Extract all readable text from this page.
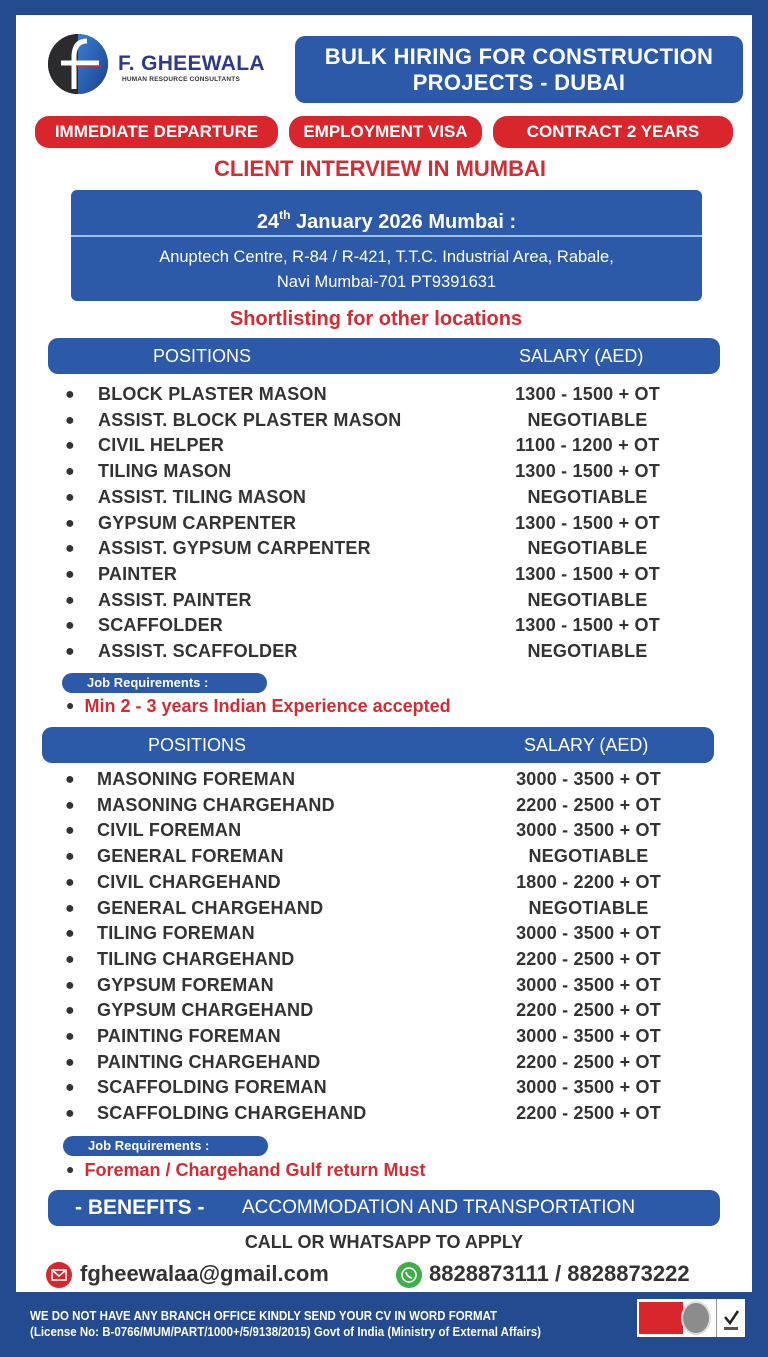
F. GHEEWALA
HUMAN RESOURCE CONSULTANTS
BULK HIRING FOR CONSTRUCTION
PROJECTS - DUBAI
IMMEDIATE DEPARTURE	EMPLOYMENT VISA	CONTRACT 2 YEARS
CLIENT INTERVIEW IN MUMBAI
24th January 2026 Mumbai :
Anuptech Centre, R-84 / R-421, T.T.C. Industrial Area, Rabale,
Navi Mumbai-701 PT9391631
Shortlisting for other locations
POSITIONS	SALARY (AED)
● BLOCK PLASTER MASON	1300 - 1500 + OT
● ASSIST. BLOCK PLASTER MASON	NEGOTIABLE
● CIVIL HELPER	1100 - 1200 + OT
● TILING MASON	1300 - 1500 + OT
● ASSIST. TILING MASON	NEGOTIABLE
● GYPSUM CARPENTER	1300 - 1500 + OT
● ASSIST. GYPSUM CARPENTER	NEGOTIABLE
● PAINTER	1300 - 1500 + OT
● ASSIST. PAINTER	NEGOTIABLE
● SCAFFOLDER	1300 - 1500 + OT
● ASSIST. SCAFFOLDER	NEGOTIABLE
Job Requirements :
● Min 2 - 3 years Indian Experience accepted
POSITIONS	SALARY (AED)
● MASONING FOREMAN	3000 - 3500 + OT
● MASONING CHARGEHAND	2200 - 2500 + OT
● CIVIL FOREMAN	3000 - 3500 + OT
● GENERAL FOREMAN	NEGOTIABLE
● CIVIL CHARGEHAND	1800 - 2200 + OT
● GENERAL CHARGEHAND	NEGOTIABLE
● TILING FOREMAN	3000 - 3500 + OT
● TILING CHARGEHAND	2200 - 2500 + OT
● GYPSUM FOREMAN	3000 - 3500 + OT
● GYPSUM CHARGEHAND	2200 - 2500 + OT
● PAINTING FOREMAN	3000 - 3500 + OT
● PAINTING CHARGEHAND	2200 - 2500 + OT
● SCAFFOLDING FOREMAN	3000 - 3500 + OT
● SCAFFOLDING CHARGEHAND	2200 - 2500 + OT
Job Requirements :
● Foreman / Chargehand Gulf return Must
- BENEFITS - ACCOMMODATION AND TRANSPORTATION
CALL OR WHATSAPP TO APPLY
fgheewalaa@gmail.com	8828873111 / 8828873222
WE DO NOT HAVE ANY BRANCH OFFICE KINDLY SEND YOUR CV IN WORD FORMAT
(License No: B-0766/MUM/PART/1000+/5/9138/2015) Govt of India (Ministry of External Affairs)
